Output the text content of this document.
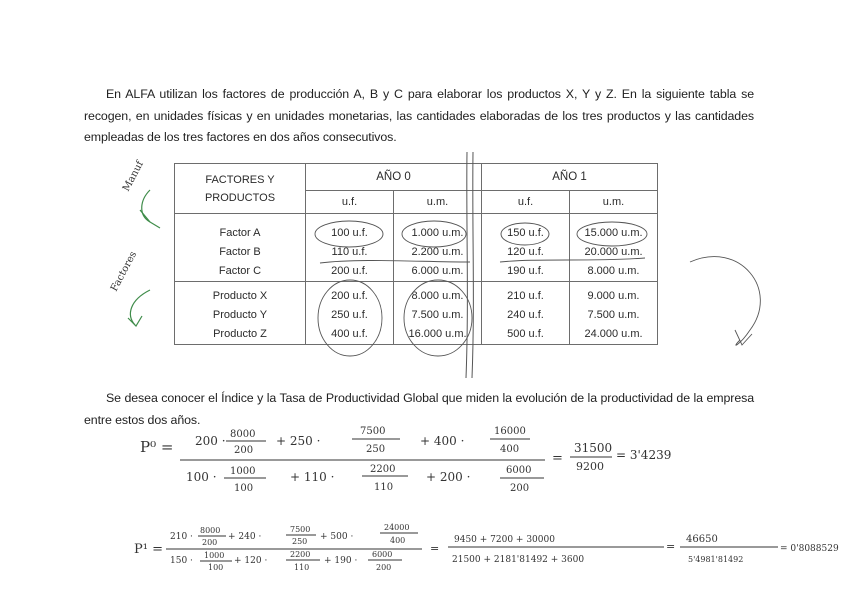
En ALFA utilizan los factores de producción A, B y C para elaborar los productos X, Y y Z. En la siguiente tabla se recogen, en unidades físicas y en unidades monetarias, las cantidades elaboradas de los tres productos y las cantidades empleadas de los tres factores en dos años consecutivos.

FACTORES Y PRODUCTOS	AÑO 0		AÑO 1	
	u.f.	u.m.	u.f.	u.m.

Factor A	100 u.f.	1.000 u.m.	150 u.f.	15.000 u.m.
Factor B	110 u.f.	2.200 u.m.	120 u.f.	20.000 u.m.
Factor C	200 u.f.	6.000 u.m.	190 u.f.	8.000 u.m.

Producto X	200 u.f.	8.000 u.m.	210 u.f.	9.000 u.m.
Producto Y	250 u.f.	7.500 u.m.	240 u.f.	7.500 u.m.
Producto Z	400 u.f.	16.000 u.m.	500 u.f.	24.000 u.m.

Se desea conocer el Índice y la Tasa de Productividad Global que miden la evolución de la productividad de la empresa entre estos dos años.

Manuf
Factores
P⁰ = 200 · 8000
200
+ 250 ·
7500
250
+ 400 ·
16000
400
100 · 1000
100
+ 110 ·
2200
110
+ 200 ·	6000
200
=
31500
9200
= 3'4239
P¹ =
210 ·
8000
200
+ 240 ·
7500
250 + 500 ·
24000
400
150 ·
1000
100
+ 120 ·
2200
110
+ 190 ·
6000
200
=
9450 + 7200 + 30000
21500 + 2181'81492 + 3600
=
46650
5'4981'81492
= 0'8088529
